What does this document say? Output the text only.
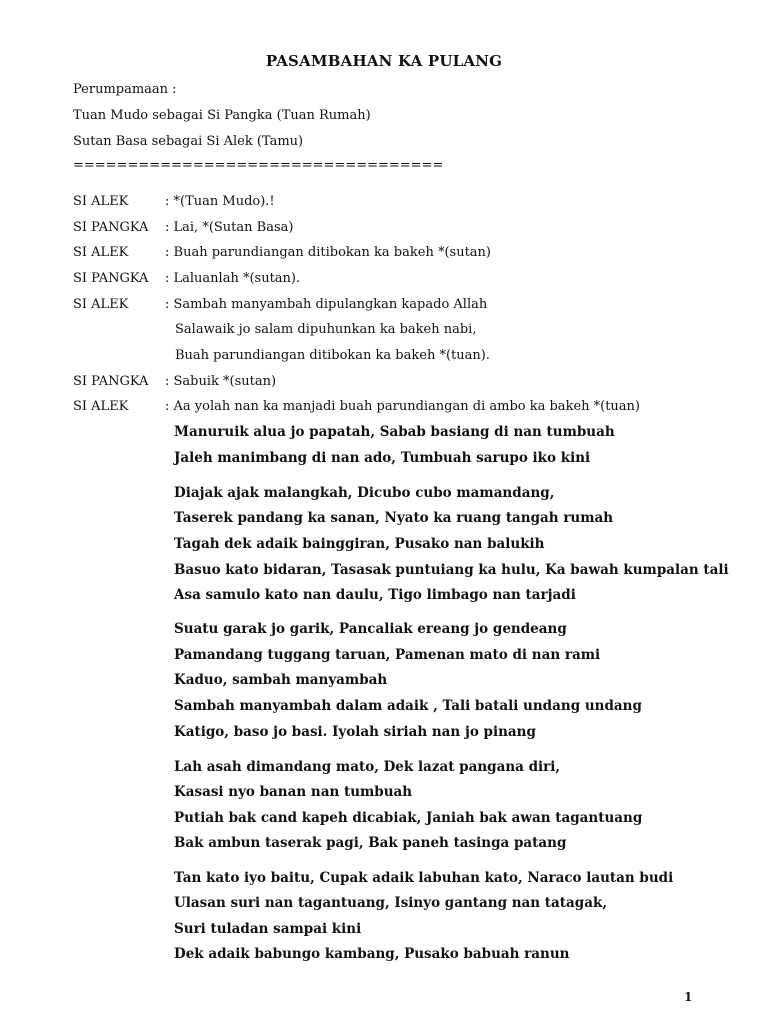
PASAMBAHAN KA PULANG
Perumpamaan :
Tuan Mudo sebagai Si Pangka (Tuan Rumah)
Sutan Basa sebagai Si Alek (Tamu)
==================================
SI ALEK	: *(Tuan Mudo).!
SI PANGKA : Lai, *(Sutan Basa)
SI ALEK	: Buah parundiangan ditibokan ka bakeh *(sutan)
SI PANGKA : Laluanlah *(sutan).
SI ALEK	: Sambah manyambah dipulangkan kapado Allah
Salawaik jo salam dipuhunkan ka bakeh nabi,
Buah parundiangan ditibokan ka bakeh *(tuan).
SI PANGKA : Sabuik *(sutan)
SI ALEK	: Aa yolah nan ka manjadi buah parundiangan di ambo ka bakeh *(tuan)
Manuruik alua jo papatah, Sabab basiang di nan tumbuah
Jaleh manimbang di nan ado, Tumbuah sarupo iko kini
Diajak ajak malangkah, Dicubo cubo mamandang,
Taserek pandang ka sanan, Nyato ka ruang tangah rumah
Tagah dek adaik bainggiran, Pusako nan balukih
Basuo kato bidaran, Tasasak puntuiang ka hulu, Ka bawah kumpalan tali
Asa samulo kato nan daulu, Tigo limbago nan tarjadi
Suatu garak jo garik, Pancaliak ereang jo gendeang
Pamandang tuggang taruan, Pamenan mato di nan rami
Kaduo, sambah manyambah
Sambah manyambah dalam adaik , Tali batali undang undang
Katigo, baso jo basi. Iyolah siriah nan jo pinang
Lah asah dimandang mato, Dek lazat pangana diri,
Kasasi nyo banan nan tumbuah
Putiah bak cand kapeh dicabiak, Janiah bak awan tagantuang
Bak ambun taserak pagi, Bak paneh tasinga patang
Tan kato iyo baitu, Cupak adaik labuhan kato, Naraco lautan budi
Ulasan suri nan tagantuang, Isinyo gantang nan tatagak,
Suri tuladan sampai kini
Dek adaik babungo kambang, Pusako babuah ranun
1
